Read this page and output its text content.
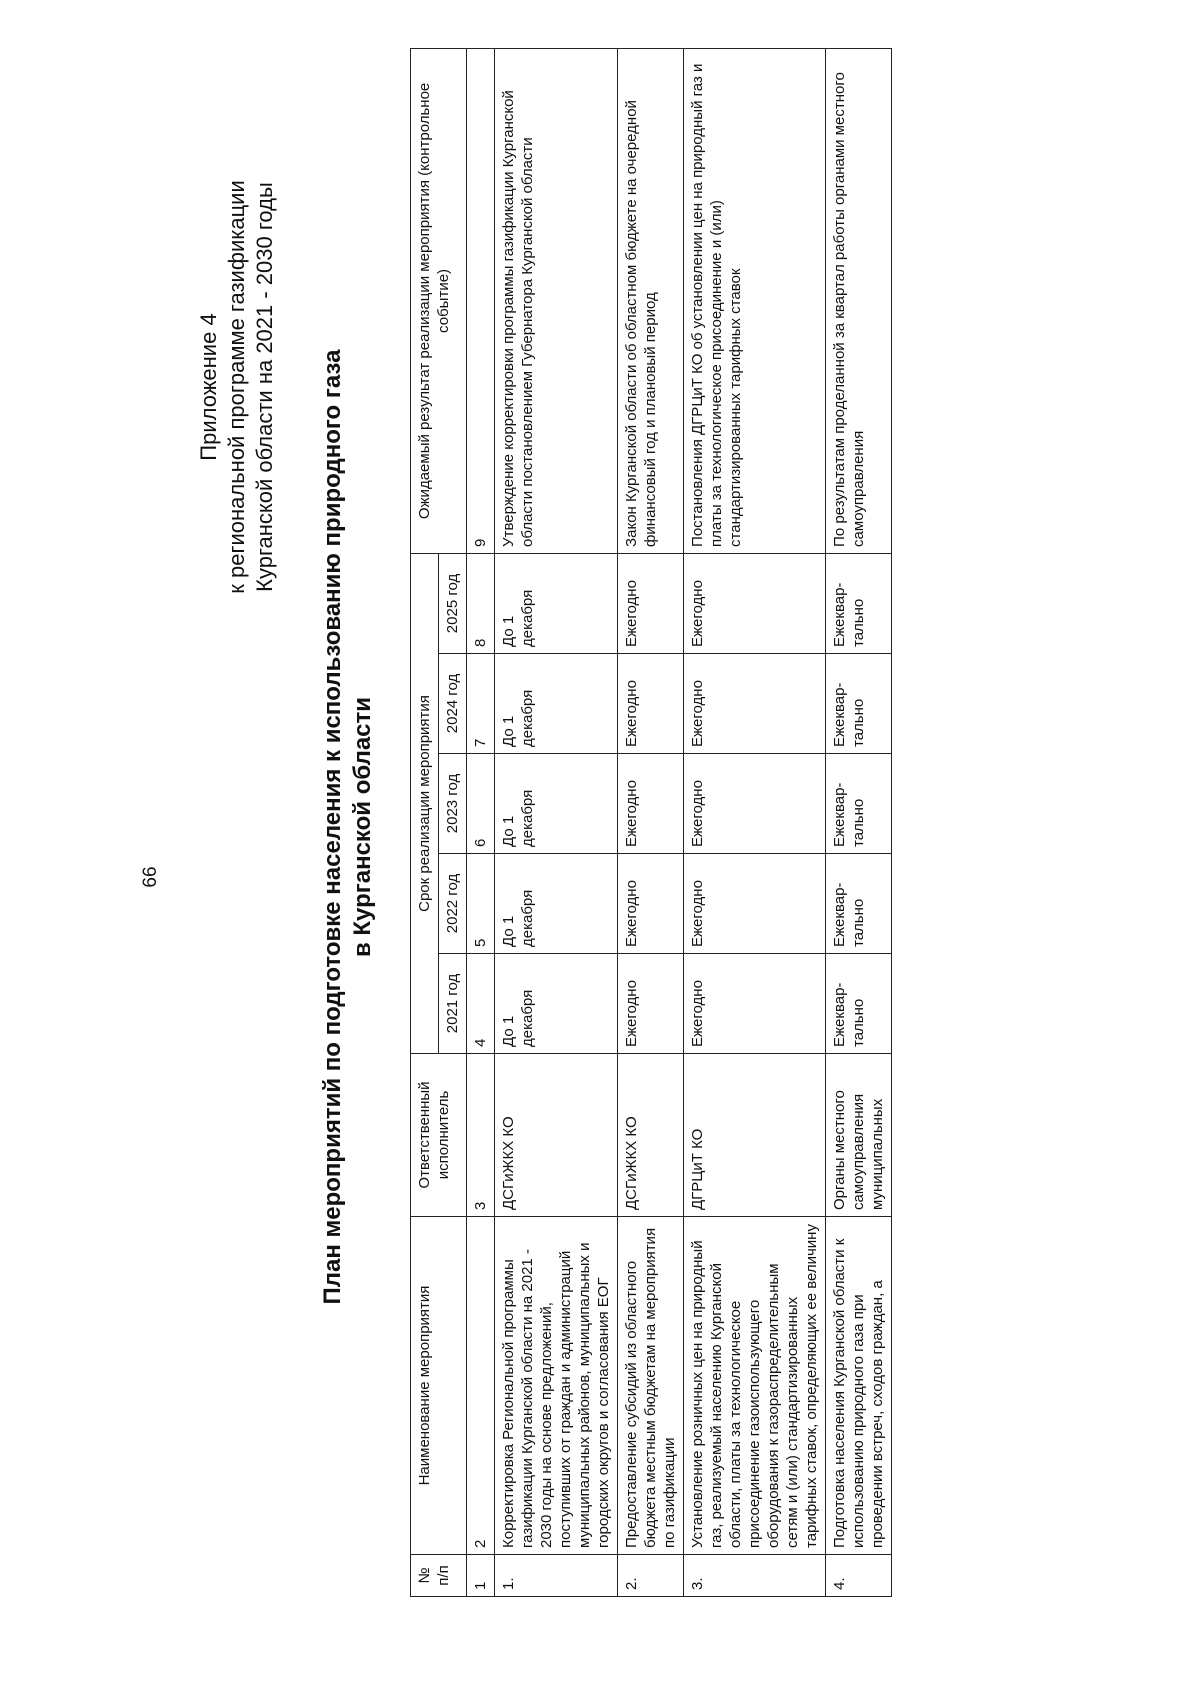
66
Приложение 4 к региональной программе газификации Курганской области на 2021 - 2030 годы План мероприятий по подготовке населения к использованию природного газа в Курганской области
№ п/п	Наименование мероприятия	Ответственный исполнитель	Срок реализации мероприятия					Ожидаемый результат реализации мероприятия (контрольное событие)
			2021 год	2022 год	2023 год	2024 год	2025 год	
1	2	3	4	5	6	7	8	9
1.	Корректировка Региональной программы газификации Курганской области на 2021 - 2030 годы на основе предложений, поступивших от граждан и администраций муниципальных районов, муниципальных и городских округов и согласования ЕОГ	ДСГиЖКХ КО	До 1 декабря	До 1 декабря	До 1 декабря	До 1 декабря	До 1 декабря	Утверждение корректировки программы газификации Курганской области постановлением Губернатора Курганской области
2.	Предоставление субсидий из областного бюджета местным бюджетам на мероприятия по газификации	ДСГиЖКХ КО	Ежегодно	Ежегодно	Ежегодно	Ежегодно	Ежегодно	Закон Курганской области об областном бюджете на очередной финансовый год и плановый период
3.	Установление розничных цен на природный газ, реализуемый населению Курганской области, платы за технологическое присоединение газоиспользующего оборудования к газораспределительным сетям и (или) стандартизированных тарифных ставок, определяющих ее величину	ДГРЦиТ КО	Ежегодно	Ежегодно	Ежегодно	Ежегодно	Ежегодно	Постановления ДГРЦиТ КО об установлении цен на природный газ и платы за технологическое присоединение и (или) стандартизированных тарифных ставок
4.	Подготовка населения Курганской области к использованию природного газа при проведении встреч, сходов граждан, а	Органы местного самоуправления муниципальных	Ежеквар-тально	Ежеквар-тально	Ежеквар-тально	Ежеквар-тально	Ежеквар-тально	По результатам проделанной за квартал работы органами местного самоуправления
